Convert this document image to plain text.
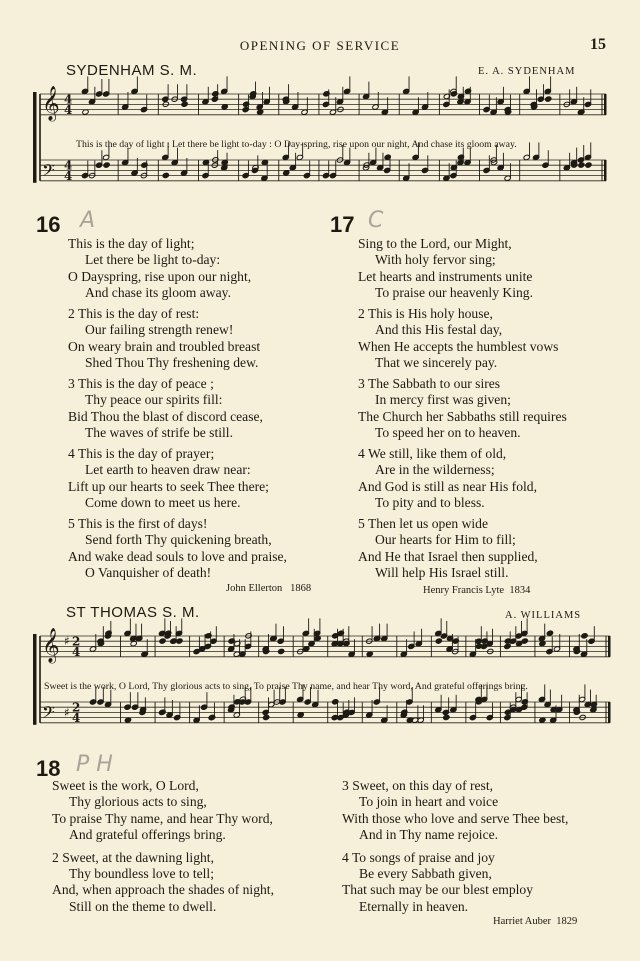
OPENING OF SERVICE	15
SYDENHAM S. M.	E. A. SYDENHAM
𝄞 4
4
𝄢 4
4
This is the day of light ; Let there be light to-day : O Day-spring, rise upon our night, And chase its gloom away.
16 A
This is the day of light;
Let there be light to-day:
O Dayspring, rise upon our night,
And chase its gloom away.
2 This is the day of rest:
Our failing strength renew!
On weary brain and troubled breast
Shed Thou Thy freshening dew.
3 This is the day of peace ;
Thy peace our spirits fill:
Bid Thou the blast of discord cease,
The waves of strife be still.
4 This is the day of prayer;
Let earth to heaven draw near:
Lift up our hearts to seek Thee there;
Come down to meet us here.
5 This is the first of days!
Send forth Thy quickening breath,
And wake dead souls to love and praise,
O Vanquisher of death!
John Ellerton 1868
17 C
Sing to the Lord, our Might,
With holy fervor sing;
Let hearts and instruments unite
To praise our heavenly King.
2 This is His holy house,
And this His festal day,
When He accepts the humblest vows
That we sincerely pay.
3 The Sabbath to our sires
In mercy first was given;
The Church her Sabbaths still requires
To speed her on to heaven.
4 We still, like them of old,
Are in the wilderness;
And God is still as near His fold,
To pity and to bless.
5 Then let us open wide
Our hearts for Him to fill;
And He that Israel then supplied,
Will help His Israel still.
Henry Francis Lyte 1834
ST THOMAS S. M.	A. WILLIAMS
𝄞 ♯ 2
4
𝄢 ♯ 2
4
Sweet is the work, O Lord, Thy glorious acts to sing, To praise Thy name, and hear Thy word, And grateful offerings bring.
18 P H
Sweet is the work, O Lord,
Thy glorious acts to sing,
To praise Thy name, and hear Thy word,
And grateful offerings bring.
2 Sweet, at the dawning light,
Thy boundless love to tell;
And, when approach the shades of night,
Still on the theme to dwell.
3 Sweet, on this day of rest,
To join in heart and voice
With those who love and serve Thee best,
And in Thy name rejoice.
4 To songs of praise and joy
Be every Sabbath given,
That such may be our blest employ
Eternally in heaven.
Harriet Auber 1829
